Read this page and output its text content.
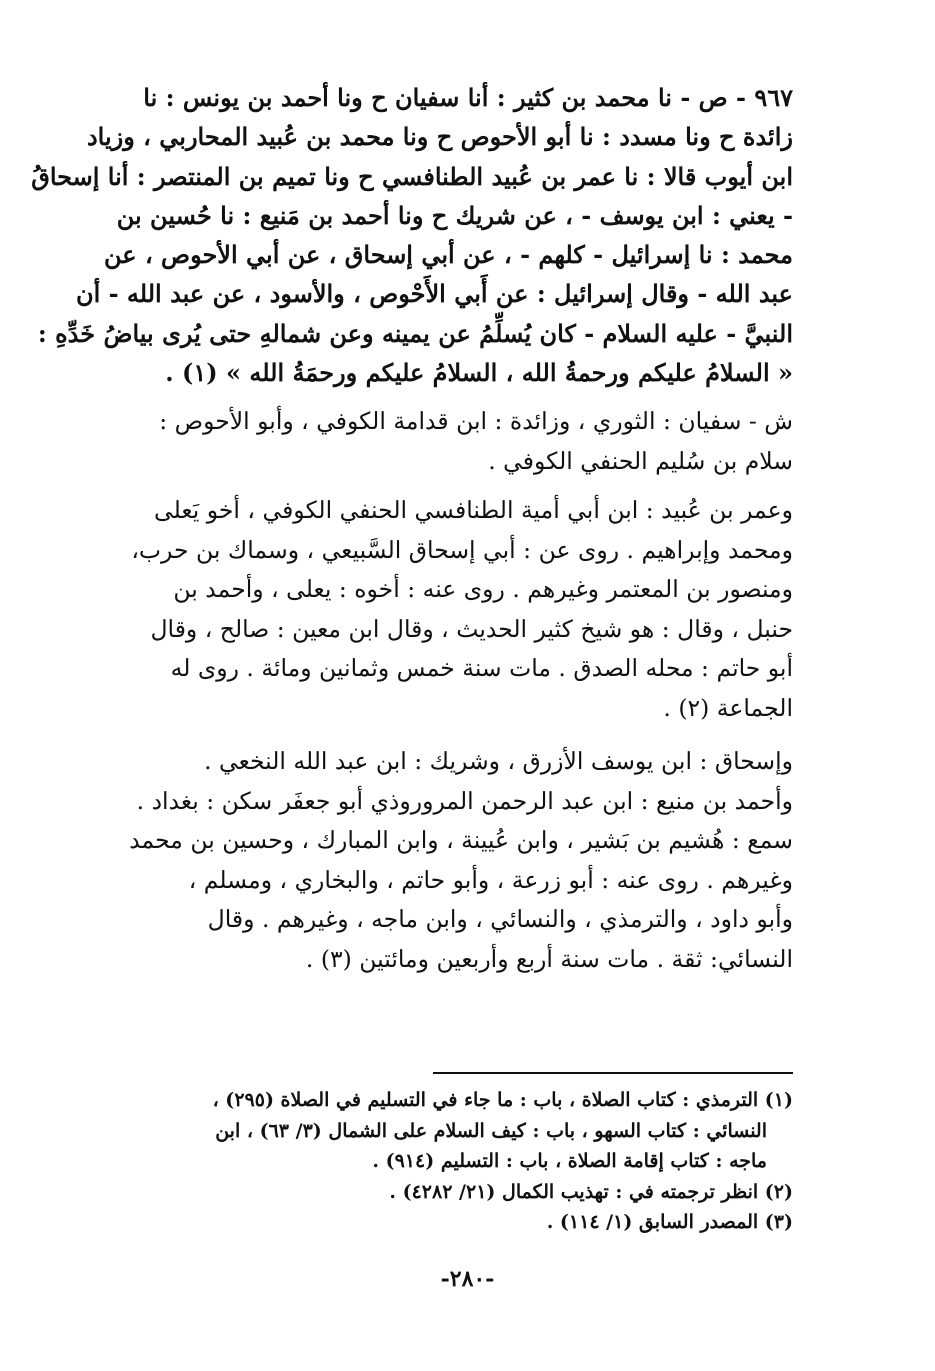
٩٦٧ - ص - نا محمد بن كثير : أنا سفيان ح ونا أحمد بن يونس : نا
زائدة ح ونا مسدد : نا أبو الأحوص ح ونا محمد بن عُبيد المحاربي ، وزياد
ابن أيوب قالا : نا عمر بن عُبيد الطنافسي ح ونا تميم بن المنتصر : أنا إسحاقُ
- يعني : ابن يوسف - ، عن شريك ح ونا أحمد بن مَنيع : نا حُسين بن
محمد : نا إسرائيل - كلهم - ، عن أبي إسحاق ، عن أبي الأحوص ، عن
عبد الله - وقال إسرائيل : عن أَبي الأَحْوص ، والأسود ، عن عبد الله - أن
النبيَّ - عليه السلام - كان يُسلِّمُ عن يمينه وعن شمالهِ حتى يُرى بياضُ خَدِّهِ :
« السلامُ عليكم ورحمةُ الله ، السلامُ عليكم ورحمَةُ الله » (١) .
ش - سفيان : الثوري ، وزائدة : ابن قدامة الكوفي ، وأبو الأحوص :
سلام بن سُليم الحنفي الكوفي .
وعمر بن عُبيد : ابن أبي أمية الطنافسي الحنفي الكوفي ، أخو يَعلى
ومحمد وإبراهيم . روى عن : أبي إسحاق السَّبيعي ، وسماك بن حرب،
ومنصور بن المعتمر وغيرهم . روى عنه : أخوه : يعلى ، وأحمد بن
حنبل ، وقال : هو شيخ كثير الحديث ، وقال ابن معين : صالح ، وقال
أبو حاتم : محله الصدق . مات سنة خمس وثمانين ومائة . روى له
الجماعة (٢) .
وإسحاق : ابن يوسف الأزرق ، وشريك : ابن عبد الله النخعي .
وأحمد بن منيع : ابن عبد الرحمن المروروذي أبو جعفَر سكن : بغداد .
سمع : هُشيم بن بَشير ، وابن عُيينة ، وابن المبارك ، وحسين بن محمد
وغيرهم . روى عنه : أبو زرعة ، وأبو حاتم ، والبخاري ، ومسلم ،
وأبو داود ، والترمذي ، والنسائي ، وابن ماجه ، وغيرهم . وقال
النسائي: ثقة . مات سنة أربع وأربعين ومائتين (٣) .
(١) الترمذي : كتاب الصلاة ، باب : ما جاء في التسليم في الصلاة (٢٩٥) ،
النسائي : كتاب السهو ، باب : كيف السلام على الشمال (٣/ ٦٣) ، ابن
ماجه : كتاب إقامة الصلاة ، باب : التسليم (٩١٤) .
(٢) انظر ترجمته في : تهذيب الكمال (٢١/ ٤٢٨٢) .
(٣) المصدر السابق (١/ ١١٤) .
-٢٨٠-
